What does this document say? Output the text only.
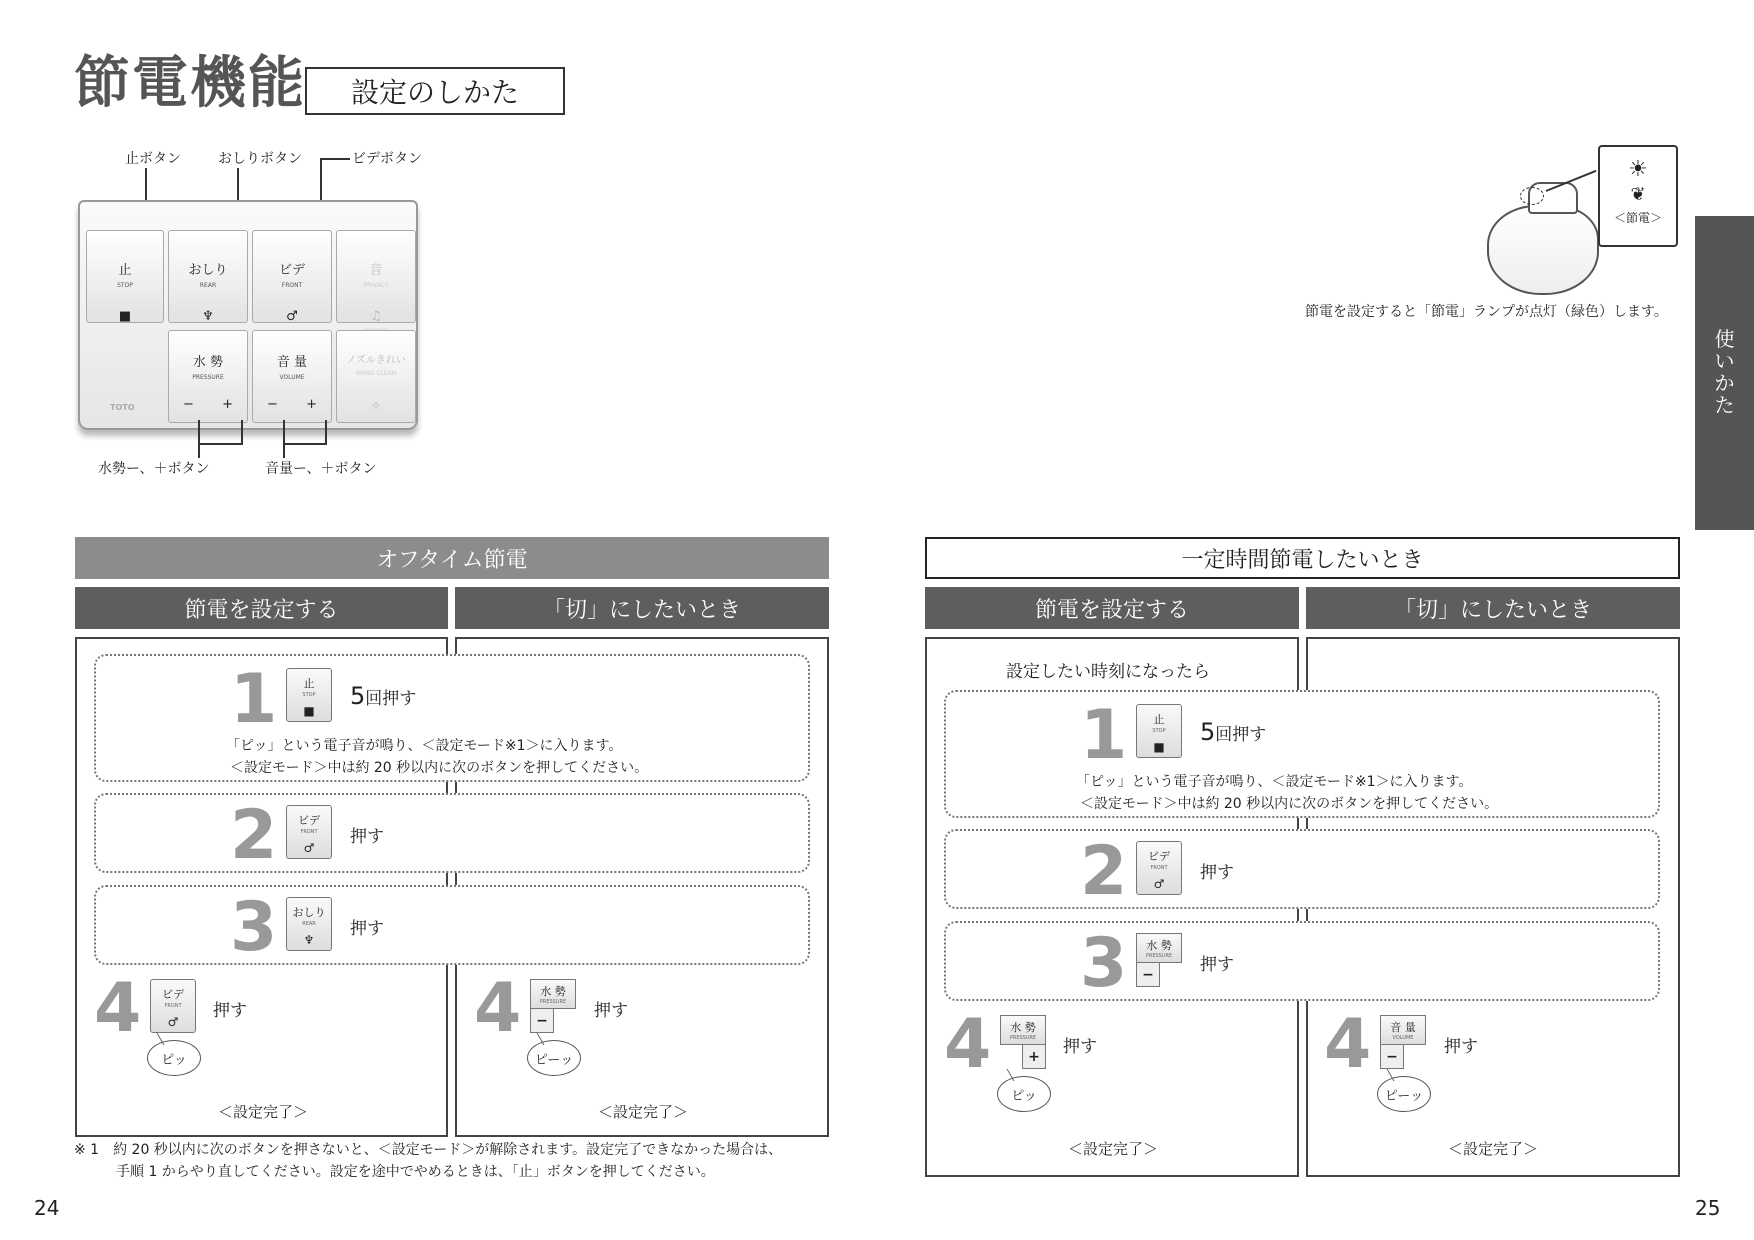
節電機能	設定のしかた
止ボタン	おしりボタン	ビデボタン
止
STOP
■
おしり
REAR
♆
ビデ
FRONT
♂
音
PRIVACY
♫
水 勢
PRESSURE
− +
音 量
VOLUME
− +
ノズルきれい
WAND CLEAN
✧
TOTO
水勢ー、＋ボタン	音量ー、＋ボタン
☀
❦
＜節電＞
節電を設定すると「節電」ランプが点灯（緑色）します。
使
い
か
た
オフタイム節電
節電を設定する	「切」にしたいとき
1 止
STOP
■
5回押す
「ピッ」という電子音が鳴り、＜設定モード※1＞に入ります。
＜設定モード＞中は約 20 秒以内に次のボタンを押してください。
2 ビデ
FRONT
♂
押す
3 おしり
REAR
♆
押す
4 ビデ
FRONT
♂
押す
ピッ
＜設定完了＞
4 水 勢
PRESSURE
−	押す
ピーッ
＜設定完了＞
一定時間節電したいとき
節電を設定する	「切」にしたいとき
設定したい時刻になったら
1 止
STOP
■
5回押す
「ピッ」という電子音が鳴り、＜設定モード※1＞に入ります。
＜設定モード＞中は約 20 秒以内に次のボタンを押してください。
2 ビデ
FRONT
♂
押す
3 水 勢
PRESSURE
−	押す
4 水 勢
PRESSURE
+	押す
ピッ
＜設定完了＞
4 音 量
VOLUME
−	押す
ピーッ
＜設定完了＞
※ 1　約 20 秒以内に次のボタンを押さないと、＜設定モード＞が解除されます。設定完了できなかった場合は、
　　　手順 1 からやり直してください。設定を途中でやめるときは、「止」ボタンを押してください。
24	25
